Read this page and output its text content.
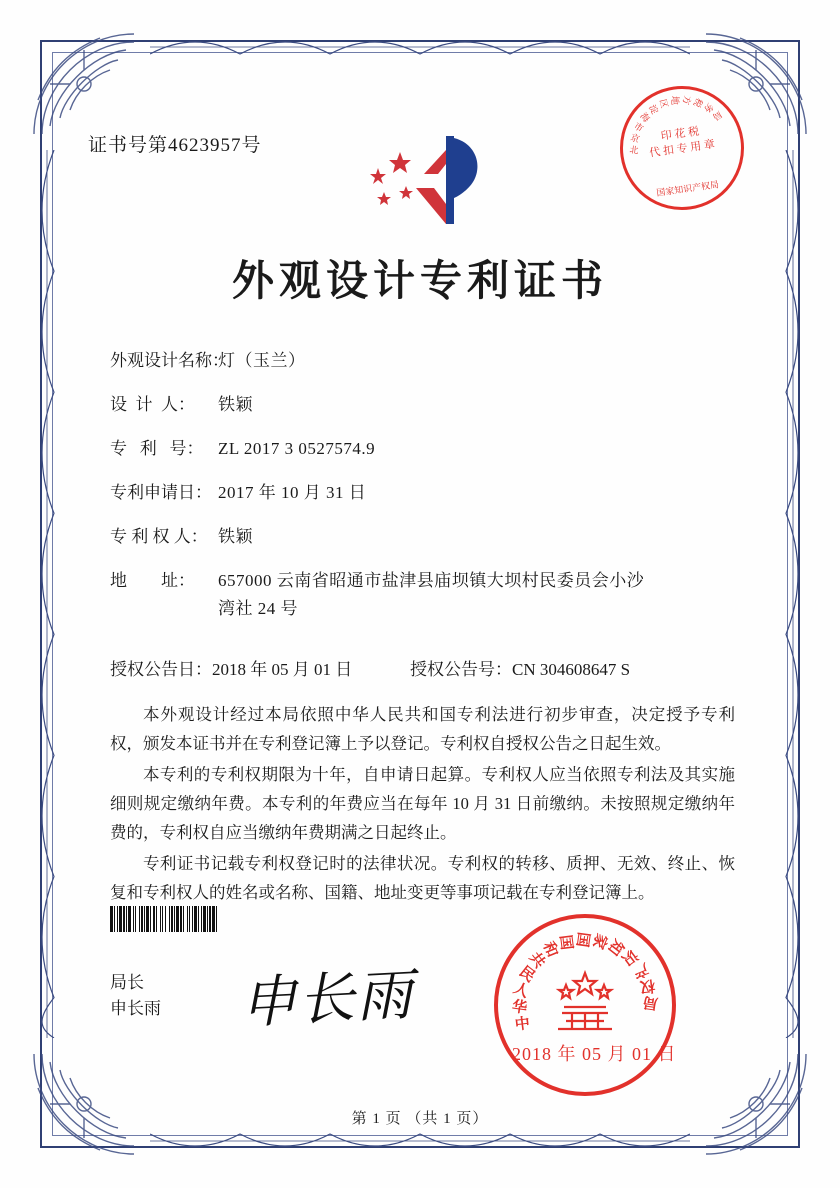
证书号第4623957号	北
京
市
海
淀
区 地 方
税
务
局
印 花 税
代 扣 专 用 章
国家知识产权局
外观设计专利证书
外观设计名称：
灯（玉兰）
设  计  人：	铁颖
专   利   号： ZL 2017 3 0527574.9
专利申请日： 2017 年 10 月 31 日
专 利 权 人： 铁颖
地        址：	657000 云南省昭通市盐津县庙坝镇大坝村民委员会小沙
湾社 24 号
授权公告日：2018 年 05 月 01 日	授权公告号：CN 304608647 S

本外观设计经过本局依照中华人民共和国专利法进行初步审查，决定授予专利权，颁发本证书并在专利登记簿上予以登记。专利权自授权公告之日起生效。

本专利的专利权期限为十年，自申请日起算。专利权人应当依照专利法及其实施细则规定缴纳年费。本专利的年费应当在每年 10 月 31 日前缴纳。未按照规定缴纳年费的，专利权自应当缴纳年费期满之日起终止。

专利证书记载专利权登记时的法律状况。专利权的转移、质押、无效、终止、恢复和专利权人的姓名或名称、国籍、地址变更等事项记载在专利登记簿上。

局长
申长雨 申长雨	中
华
人
民
共
和
国 国
家
知
识
产
权
局
2018 年 05 月 01 日
第 1 页 （共 1 页）
